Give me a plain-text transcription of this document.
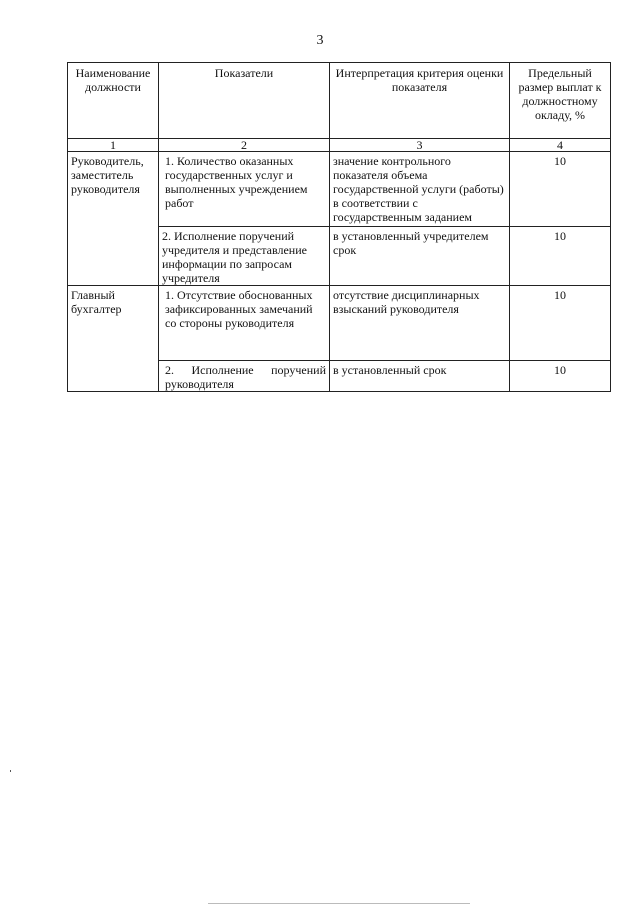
3
Наименование должности	Показатели	Интерпретация критерия оценки показателя	Предельный размер выплат к должностному окладу, %
1	2	3	4
Руководитель, заместитель руководителя	1. Количество оказанных государственных услуг и выполненных учреждением работ	значение контрольного показателя объема государственной услуги (работы) в соответствии с государственным заданием	10
	2. Исполнение поручений учредителя и представление информации по запросам учредителя	в установленный учредителем срок	10
Главный бухгалтер	1. Отсутствие обоснованных зафиксированных замечаний со стороны руководителя	отсутствие дисциплинарных взысканий руководителя	10
	2. Исполнение поручений руководителя	в установленный срок	10
